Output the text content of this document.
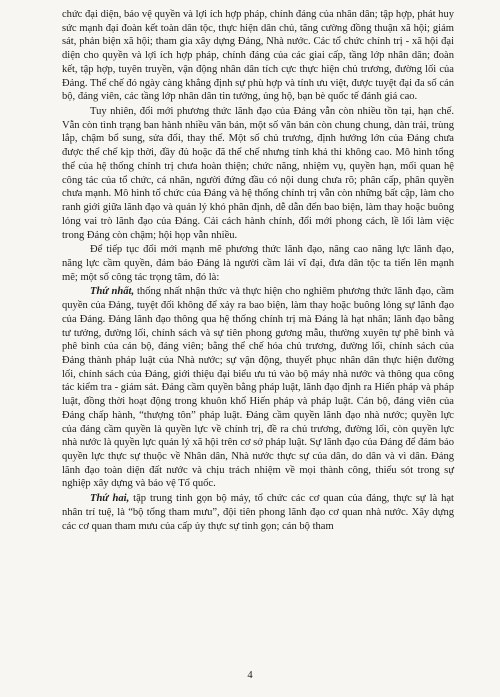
chức đại diện, bảo vệ quyền và lợi ích hợp pháp, chính đáng của nhân dân; tập hợp, phát huy sức mạnh đại đoàn kết toàn dân tộc, thực hiện dân chủ, tăng cường đồng thuận xã hội; giám sát, phản biện xã hội; tham gia xây dựng Đảng, Nhà nước. Các tổ chức chính trị - xã hội đại diện cho quyền và lợi ích hợp pháp, chính đáng của các giai cấp, tầng lớp nhân dân; đoàn kết, tập hợp, tuyên truyền, vận động nhân dân tích cực thực hiện chủ trương, đường lối của Đảng. Thể chế đó ngày càng khẳng định sự phù hợp và tính ưu việt, được tuyệt đại đa số cán bộ, đảng viên, các tầng lớp nhân dân tin tưởng, ủng hộ, bạn bè quốc tế đánh giá cao.

Tuy nhiên, đổi mới phương thức lãnh đạo của Đảng vẫn còn nhiều tồn tại, hạn chế. Vẫn còn tình trạng ban hành nhiều văn bản, một số văn bản còn chung chung, dàn trải, trùng lắp, chậm bổ sung, sửa đổi, thay thế. Một số chủ trương, định hướng lớn của Đảng chưa được thể chế kịp thời, đầy đủ hoặc đã thể chế nhưng tính khả thi không cao. Mô hình tổng thể của hệ thống chính trị chưa hoàn thiện; chức năng, nhiệm vụ, quyền hạn, mối quan hệ công tác của tổ chức, cá nhân, người đứng đầu có nội dung chưa rõ; phân cấp, phân quyền chưa mạnh. Mô hình tổ chức của Đảng và hệ thống chính trị vẫn còn những bất cập, làm cho ranh giới giữa lãnh đạo và quản lý khó phân định, dễ dẫn đến bao biện, làm thay hoặc buông lỏng vai trò lãnh đạo của Đảng. Cải cách hành chính, đổi mới phong cách, lề lối làm việc trong Đảng còn chậm; hội họp vẫn nhiều.

Để tiếp tục đổi mới mạnh mẽ phương thức lãnh đạo, nâng cao năng lực lãnh đạo, năng lực cầm quyền, đảm bảo Đảng là người cầm lái vĩ đại, đưa dân tộc ta tiến lên mạnh mẽ; một số công tác trọng tâm, đó là:

Thứ nhất, thống nhất nhận thức và thực hiện cho nghiêm phương thức lãnh đạo, cầm quyền của Đảng, tuyệt đối không để xảy ra bao biện, làm thay hoặc buông lỏng sự lãnh đạo của Đảng. Đảng lãnh đạo thông qua hệ thống chính trị mà Đảng là hạt nhân; lãnh đạo bằng tư tưởng, đường lối, chính sách và sự tiên phong gương mẫu, thường xuyên tự phê bình và phê bình của cán bộ, đảng viên; bằng thể chế hóa chủ trương, đường lối, chính sách của Đảng thành pháp luật của Nhà nước; sự vận động, thuyết phục nhân dân thực hiện đường lối, chính sách của Đảng, giới thiệu đại biểu ưu tú vào bộ máy nhà nước và thông qua công tác kiểm tra - giám sát. Đảng cầm quyền bằng pháp luật, lãnh đạo định ra Hiến pháp và pháp luật, đồng thời hoạt động trong khuôn khổ Hiến pháp và pháp luật. Cán bộ, đảng viên của Đảng chấp hành, “thượng tôn” pháp luật. Đảng cầm quyền lãnh đạo nhà nước; quyền lực của đảng cầm quyền là quyền lực về chính trị, đề ra chủ trương, đường lối, còn quyền lực nhà nước là quyền lực quản lý xã hội trên cơ sở pháp luật. Sự lãnh đạo của Đảng để đảm bảo quyền lực thực sự thuộc về Nhân dân, Nhà nước thực sự của dân, do dân và vì dân. Đảng lãnh đạo toàn diện đất nước và chịu trách nhiệm về mọi thành công, thiếu sót trong sự nghiệp xây dựng và bảo vệ Tổ quốc.

Thứ hai, tập trung tinh gọn bộ máy, tổ chức các cơ quan của đảng, thực sự là hạt nhân trí tuệ, là “bộ tổng tham mưu”, đội tiên phong lãnh đạo cơ quan nhà nước. Xây dựng các cơ quan tham mưu của cấp ủy thực sự tinh gọn; cán bộ tham

4
